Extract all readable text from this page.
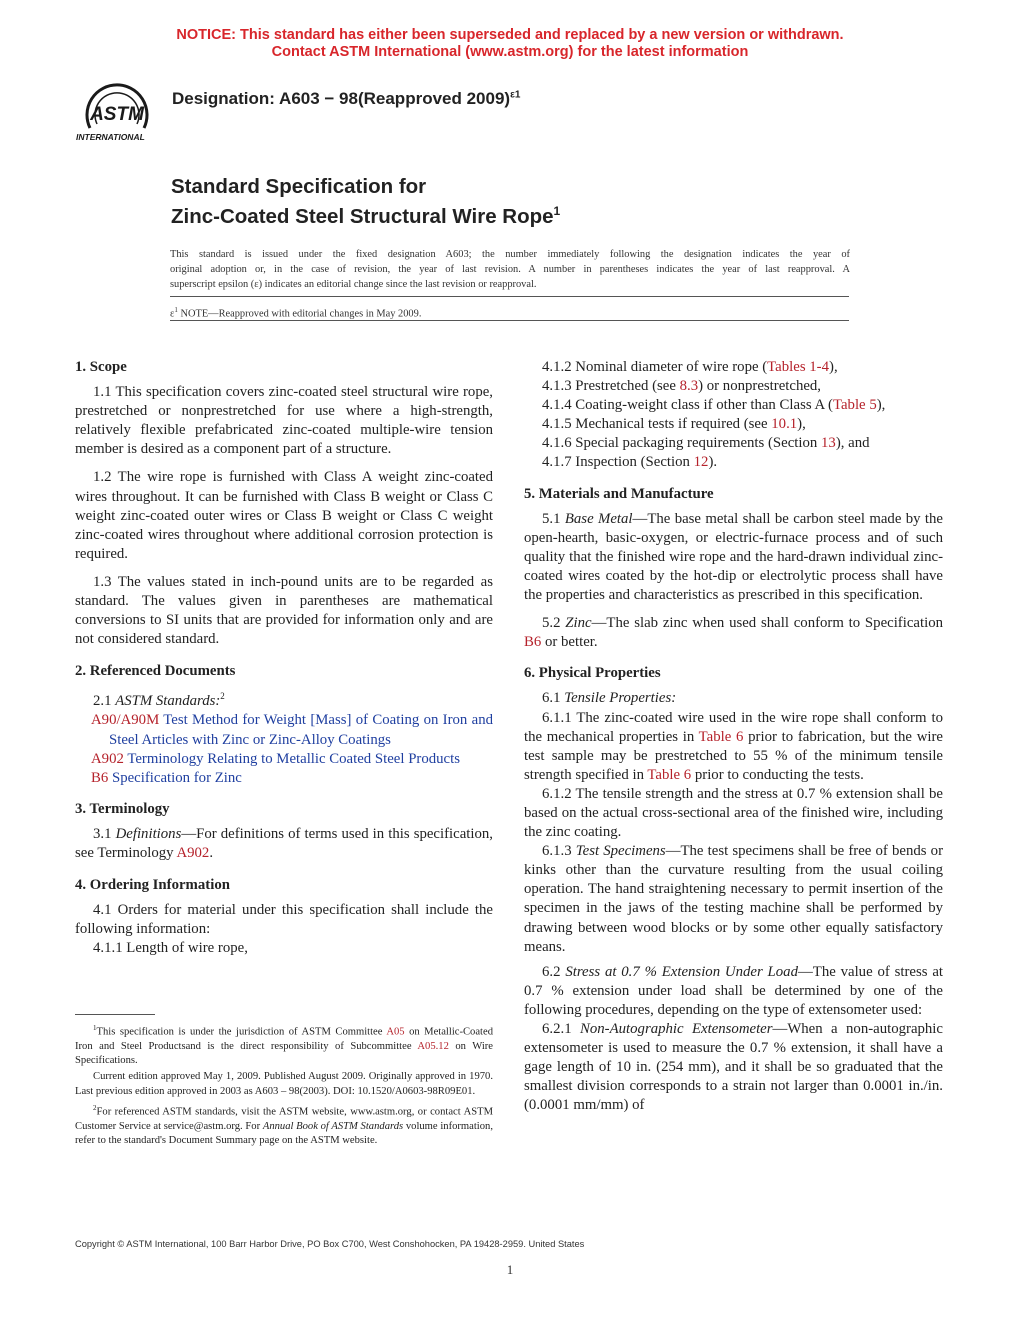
NOTICE: This standard has either been superseded and replaced by a new version or withdrawn.
Contact ASTM International (www.astm.org) for the latest information
ASTM
INTERNATIONAL
Designation: A603 − 98(Reapproved 2009)$^{\varepsilon 1}$
Standard Specification for
Zinc-Coated Steel Structural Wire Rope$^1$
This standard is issued under the fixed designation A603; the number immediately following the designation indicates the year of
original adoption or, in the case of revision, the year of last revision. A number in parentheses indicates the year of last reapproval. A
superscript epsilon (ε) indicates an editorial change since the last revision or reapproval.
$\varepsilon^1$ NOTE—Reapproved with editorial changes in May 2009.

1. Scope

1.1 This specification covers zinc-coated steel structural wire rope, prestretched or nonprestretched for use where a high-strength, relatively flexible prefabricated zinc-coated multiple-wire tension member is desired as a component part of a structure.

1.2 The wire rope is furnished with Class A weight zinc-coated wires throughout. It can be furnished with Class B weight or Class C weight zinc-coated outer wires or Class B weight or Class C weight zinc-coated wires throughout where additional corrosion protection is required.

1.3 The values stated in inch-pound units are to be regarded as standard. The values given in parentheses are mathematical conversions to SI units that are provided for information only and are not considered standard.

2. Referenced Documents

2.1 ASTM Standards:$^2$

A90/A90M Test Method for Weight [Mass] of Coating on Iron and Steel Articles with Zinc or Zinc-Alloy Coatings

A902 Terminology Relating to Metallic Coated Steel Products

B6 Specification for Zinc

3. Terminology

3.1 Definitions—For definitions of terms used in this specification, see Terminology A902.

4. Ordering Information

4.1 Orders for material under this specification shall include the following information:

4.1.1 Length of wire rope,

$^1$This specification is under the jurisdiction of ASTM Committee A05 on Metallic-Coated Iron and Steel Productsand is the direct responsibility of Subcommittee A05.12 on Wire Specifications.

Current edition approved May 1, 2009. Published August 2009. Originally approved in 1970. Last previous edition approved in 2003 as A603 – 98(2003). DOI: 10.1520/A0603-98R09E01.

$^2$For referenced ASTM standards, visit the ASTM website, www.astm.org, or contact ASTM Customer Service at service@astm.org. For Annual Book of ASTM Standards volume information, refer to the standard's Document Summary page on the ASTM website.

4.1.2 Nominal diameter of wire rope (Tables 1-4),

4.1.3 Prestretched (see 8.3) or nonprestretched,

4.1.4 Coating-weight class if other than Class A (Table 5),

4.1.5 Mechanical tests if required (see 10.1),

4.1.6 Special packaging requirements (Section 13), and

4.1.7 Inspection (Section 12).

5. Materials and Manufacture

5.1 Base Metal—The base metal shall be carbon steel made by the open-hearth, basic-oxygen, or electric-furnace process and of such quality that the finished wire rope and the hard-drawn individual zinc-coated wires coated by the hot-dip or electrolytic process shall have the properties and characteristics as prescribed in this specification.

5.2 Zinc—The slab zinc when used shall conform to Specification B6 or better.

6. Physical Properties

6.1 Tensile Properties:

6.1.1 The zinc-coated wire used in the wire rope shall conform to the mechanical properties in Table 6 prior to fabrication, but the wire test sample may be prestretched to 55 % of the minimum tensile strength specified in Table 6 prior to conducting the tests.

6.1.2 The tensile strength and the stress at 0.7 % extension shall be based on the actual cross-sectional area of the finished wire, including the zinc coating.

6.1.3 Test Specimens—The test specimens shall be free of bends or kinks other than the curvature resulting from the usual coiling operation. The hand straightening necessary to permit insertion of the specimen in the jaws of the testing machine shall be performed by drawing between wood blocks or by some other equally satisfactory means.

6.2 Stress at 0.7 % Extension Under Load—The value of stress at 0.7 % extension under load shall be determined by one of the following procedures, depending on the type of extensometer used:

6.2.1 Non-Autographic Extensometer—When a non-autographic extensometer is used to measure the 0.7 % extension, it shall have a gage length of 10 in. (254 mm), and it shall be so graduated that the smallest division corresponds to a strain not larger than 0.0001 in./in. (0.0001 mm/mm) of

Copyright © ASTM International, 100 Barr Harbor Drive, PO Box C700, West Conshohocken, PA 19428-2959. United States
1
